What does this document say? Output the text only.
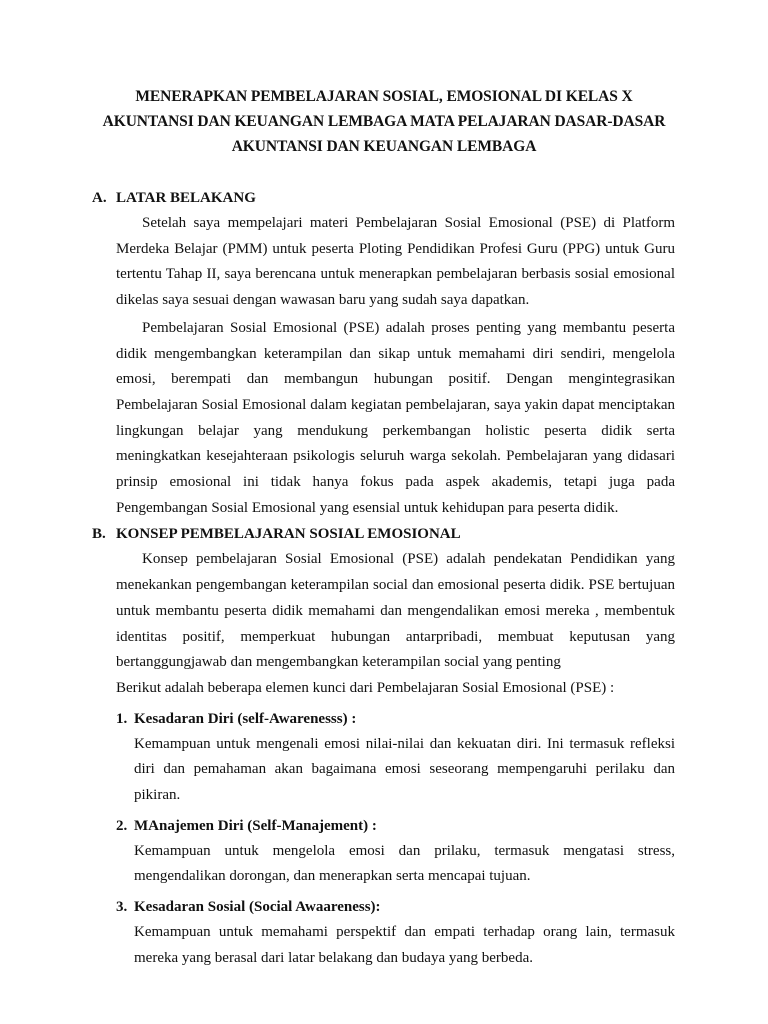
MENERAPKAN PEMBELAJARAN SOSIAL, EMOSIONAL DI KELAS X
AKUNTANSI DAN KEUANGAN LEMBAGA MATA PELAJARAN DASAR-DASAR
AKUNTANSI DAN KEUANGAN LEMBAGA
A. LATAR BELAKANG

Setelah saya mempelajari materi Pembelajaran Sosial Emosional (PSE) di Platform Merdeka Belajar (PMM) untuk peserta Ploting Pendidikan Profesi Guru (PPG) untuk Guru tertentu Tahap II, saya berencana untuk menerapkan pembelajaran berbasis sosial emosional dikelas saya sesuai dengan wawasan baru yang sudah saya dapatkan.

Pembelajaran Sosial Emosional (PSE) adalah proses penting yang membantu peserta didik mengembangkan keterampilan dan sikap untuk memahami diri sendiri, mengelola emosi, berempati dan membangun hubungan positif. Dengan mengintegrasikan Pembelajaran Sosial Emosional dalam kegiatan pembelajaran, saya yakin dapat menciptakan lingkungan belajar yang mendukung perkembangan holistic peserta didik serta meningkatkan kesejahteraan psikologis seluruh warga sekolah. Pembelajaran yang didasari prinsip emosional ini tidak hanya fokus pada aspek akademis, tetapi juga pada Pengembangan Sosial Emosional yang esensial untuk kehidupan para peserta didik.

B. KONSEP PEMBELAJARAN SOSIAL EMOSIONAL

Konsep pembelajaran Sosial Emosional (PSE) adalah pendekatan Pendidikan yang menekankan pengembangan keterampilan social dan emosional peserta didik. PSE bertujuan untuk membantu peserta didik memahami dan mengendalikan emosi mereka , membentuk identitas positif, memperkuat hubungan antarpribadi, membuat keputusan yang bertanggungjawab dan mengembangkan keterampilan social yang penting

Berikut adalah beberapa elemen kunci dari Pembelajaran Sosial Emosional (PSE) :

1. Kesadaran Diri (self-Awarenesss) :
Kemampuan untuk mengenali emosi nilai-nilai dan kekuatan diri. Ini termasuk refleksi diri dan pemahaman akan bagaimana emosi seseorang mempengaruhi perilaku dan pikiran.
2. MAnajemen Diri (Self-Manajement) :
Kemampuan untuk mengelola emosi dan prilaku, termasuk mengatasi stress, mengendalikan dorongan, dan menerapkan serta mencapai tujuan.
3. Kesadaran Sosial (Social Awaareness):
Kemampuan untuk memahami perspektif dan empati terhadap orang lain, termasuk mereka yang berasal dari latar belakang dan budaya yang berbeda.
